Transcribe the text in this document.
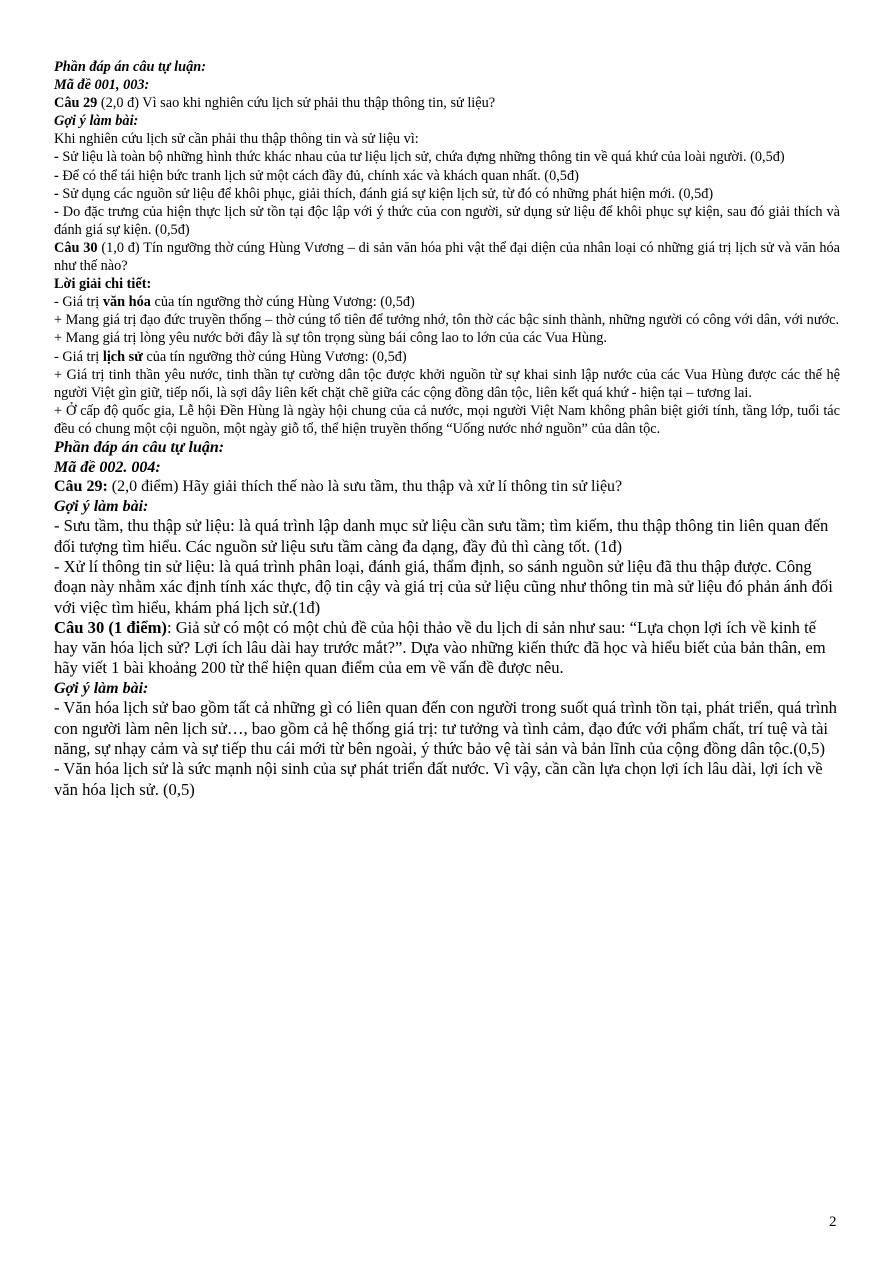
Phần đáp án câu tự luận:

Mã đề 001, 003:

Câu 29 (2,0 đ) Vì sao khi nghiên cứu lịch sử phải thu thập thông tin, sử liệu?

Gợi ý làm bài:

Khi nghiên cứu lịch sử cần phải thu thập thông tin và sử liệu vì:

- Sử liệu là toàn bộ những hình thức khác nhau của tư liệu lịch sử, chứa đựng những thông tin về quá khứ của loài người. (0,5đ)

- Để có thể tái hiện bức tranh lịch sử một cách đầy đủ, chính xác và khách quan nhất. (0,5đ)

- Sử dụng các nguồn sử liệu để khôi phục, giải thích, đánh giá sự kiện lịch sử, từ đó có những phát hiện mới. (0,5đ)

- Do đặc trưng của hiện thực lịch sử tồn tại độc lập với ý thức của con người, sử dụng sử liệu để khôi phục sự kiện, sau đó giải thích và đánh giá sự kiện. (0,5đ)

Câu 30 (1,0 đ) Tín ngưỡng thờ cúng Hùng Vương – di sản văn hóa phi vật thể đại diện của nhân loại có những giá trị lịch sử và văn hóa như thế nào?

Lời giải chi tiết:

- Giá trị văn hóa của tín ngưỡng thờ cúng Hùng Vương: (0,5đ)

+ Mang giá trị đạo đức truyền thống – thờ cúng tổ tiên để tưởng nhớ, tôn thờ các bậc sinh thành, những người có công với dân, với nước.

+ Mang giá trị lòng yêu nước bởi đây là sự tôn trọng sùng bái công lao to lớn của các Vua Hùng.

- Giá trị lịch sử của tín ngưỡng thờ cúng Hùng Vương: (0,5đ)

+ Giá trị tinh thần yêu nước, tinh thần tự cường dân tộc được khởi nguồn từ sự khai sinh lập nước của các Vua Hùng được các thế hệ người Việt gìn giữ, tiếp nối, là sợi dây liên kết chặt chẽ giữa các cộng đồng dân tộc, liên kết quá khứ - hiện tại – tương lai.

+ Ở cấp độ quốc gia, Lễ hội Đền Hùng là ngày hội chung của cả nước, mọi người Việt Nam không phân biệt giới tính, tầng lớp, tuổi tác đều có chung một cội nguồn, một ngày giỗ tổ, thể hiện truyền thống “Uống nước nhớ nguồn” của dân tộc.

Phần đáp án câu tự luận:

Mã đề 002. 004:

Câu 29: (2,0 điểm) Hãy giải thích thế nào là sưu tầm, thu thập và xử lí thông tin sử liệu?

Gợi ý làm bài:

- Sưu tầm, thu thập sử liệu: là quá trình lập danh mục sử liệu cần sưu tầm; tìm kiếm, thu thập thông tin liên quan đến đối tượng tìm hiểu. Các nguồn sử liệu sưu tầm càng đa dạng, đầy đủ thì càng tốt. (1đ)

- Xử lí thông tin sử liệu: là quá trình phân loại, đánh giá, thẩm định, so sánh nguồn sử liệu đã thu thập được. Công đoạn này nhằm xác định tính xác thực, độ tin cậy và giá trị của sử liệu cũng như thông tin mà sử liệu đó phản ánh đối với việc tìm hiểu, khám phá lịch sử.(1đ)

Câu 30 (1 điểm): Giả sử có một có một chủ đề của hội thảo về du lịch di sản như sau: “Lựa chọn lợi ích về kinh tế hay văn hóa lịch sử? Lợi ích lâu dài hay trước mắt?”. Dựa vào những kiến thức đã học và hiểu biết của bản thân, em hãy viết 1 bài khoảng 200 từ thể hiện quan điểm của em về vấn đề được nêu.

Gợi ý làm bài:

- Văn hóa lịch sử bao gồm tất cả những gì có liên quan đến con người trong suốt quá trình tồn tại, phát triển, quá trình con người làm nên lịch sử…, bao gồm cả hệ thống giá trị: tư tưởng và tình cảm, đạo đức với phẩm chất, trí tuệ và tài năng, sự nhạy cảm và sự tiếp thu cái mới từ bên ngoài, ý thức bảo vệ tài sản và bản lĩnh của cộng đồng dân tộc.(0,5)

- Văn hóa lịch sử là sức mạnh nội sinh của sự phát triển đất nước. Vì vậy, cần cần lựa chọn lợi ích lâu dài, lợi ích về văn hóa lịch sử. (0,5)

2
